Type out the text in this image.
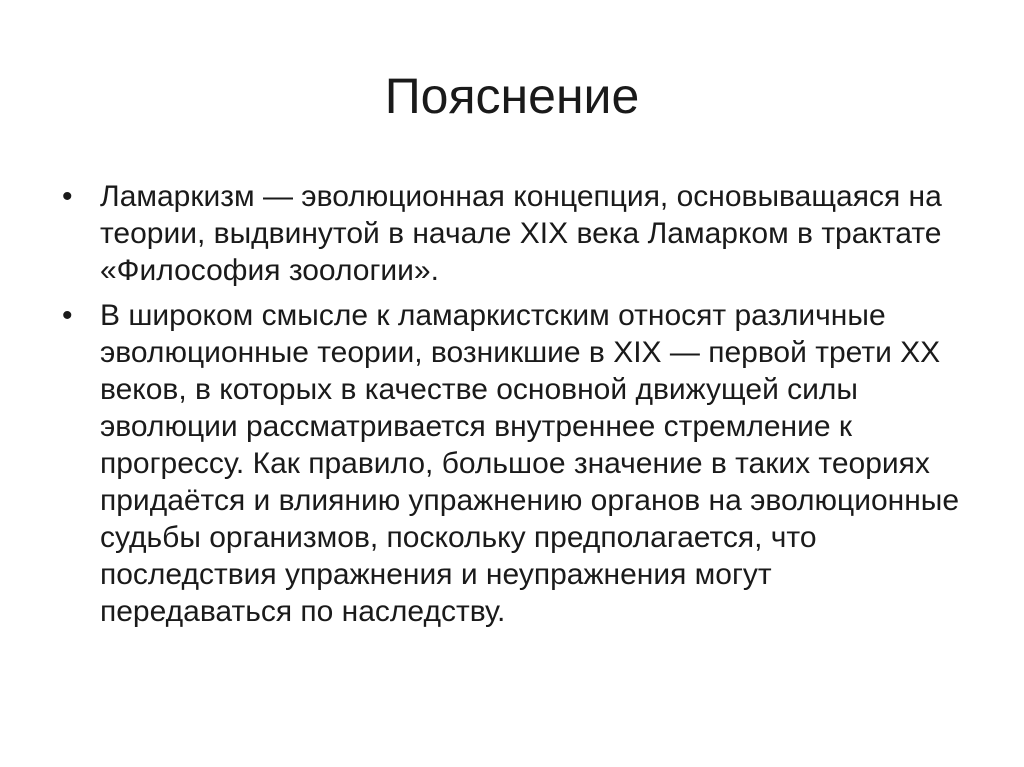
Пояснение
• Ламаркизм — эволюционная концепция, основыващаяся на теории, выдвинутой в начале XIX века Ламарком в трактате «Философия зоологии».
• В широком смысле к ламаркистским относят различные эволюционные теории, возникшие в XIX — первой трети XX веков, в которых в качестве основной движущей силы эволюции рассматривается внутреннее стремление к прогрессу. Как правило, большое значение в таких теориях придаётся и влиянию упражнению органов на эволюционные судьбы организмов, поскольку предполагается, что последствия упражнения и неупражнения могут передаваться по наследству.
